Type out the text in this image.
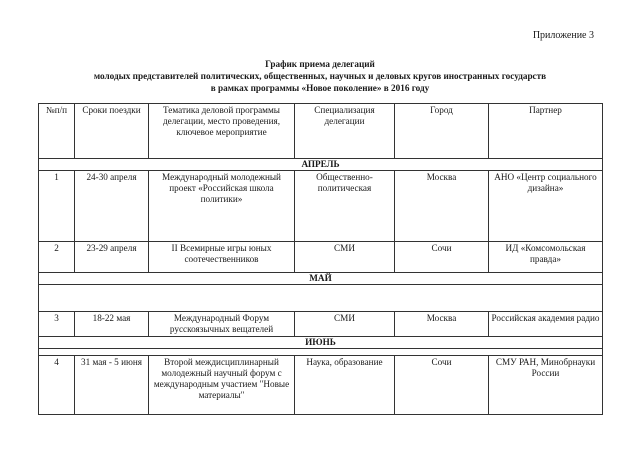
Приложение 3
График приема делегаций
молодых представителей политических, общественных, научных и деловых кругов иностранных государств
в рамках программы «Новое поколение» в 2016 году
№п/п	Сроки поездки	Тематика деловой программы делегации, место проведения, ключевое мероприятие	Специализация делегации	Город	Партнер
АПРЕЛЬ					
1	24-30 апреля	Международный молодежный проект «Российская школа политики»	Общественно-политическая	Москва	АНО «Центр социального дизайна»
2	23-29 апреля	II Всемирные игры юных соотечественников	СМИ	Сочи	ИД «Комсомольская правда»
МАЙ					

3	18-22 мая	Международный Форум русскоязычных вещателей	СМИ	Москва	Российская академия радио
ИЮНЬ					

4	31 мая - 5 июня	Второй междисциплинарный молодежный научный форум с международным участием "Новые материалы"	Наука, образование	Сочи	СМУ РАН, Минобрнауки России
